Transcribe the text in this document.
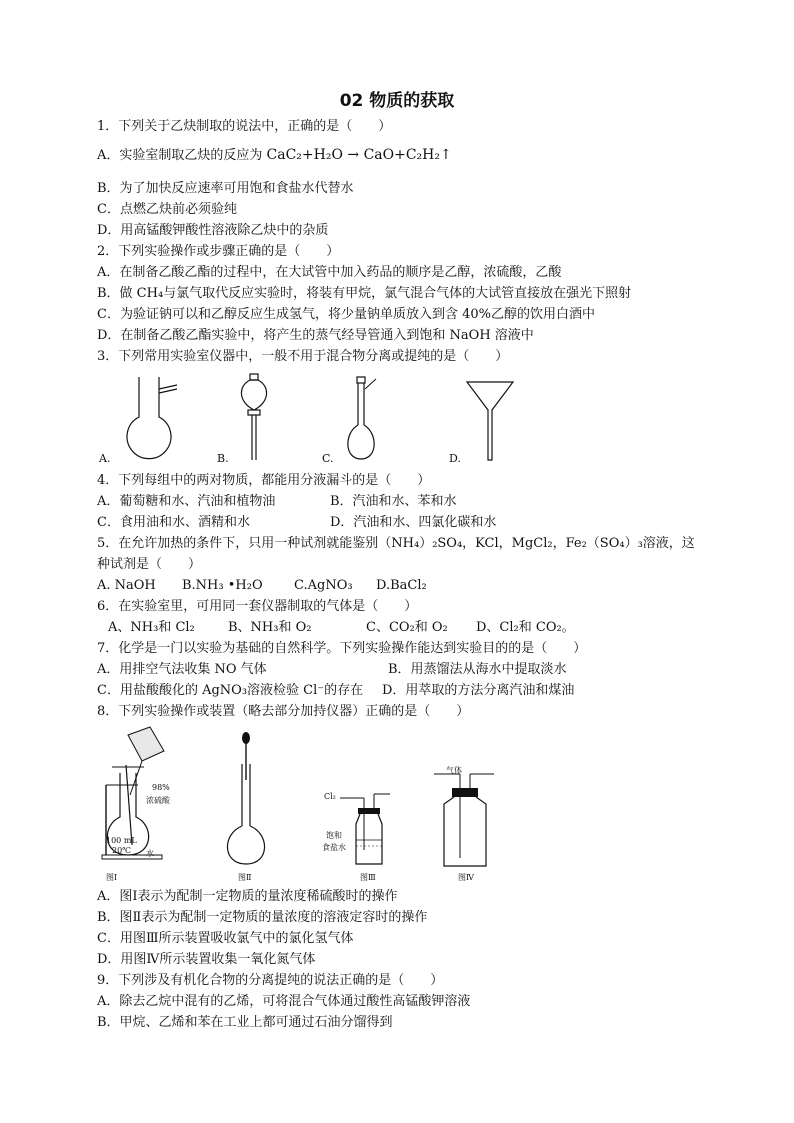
02 物质的获取
1．下列关于乙炔制取的说法中，正确的是（　　）
A．实验室制取乙炔的反应为 CaC₂+H₂O → CaO+C₂H₂↑
B．为了加快反应速率可用饱和食盐水代替水
C．点燃乙炔前必须验纯
D．用高锰酸钾酸性溶液除乙炔中的杂质
2．下列实验操作或步骤正确的是（　　）
A．在制备乙酸乙酯的过程中，在大试管中加入药品的顺序是乙醇，浓硫酸，乙酸
B．做 CH₄与氯气取代反应实验时，将装有甲烷，氯气混合气体的大试管直接放在强光下照射
C．为验证钠可以和乙醇反应生成氢气，将少量钠单质放入到含 40%乙醇的饮用白酒中
D．在制备乙酸乙酯实验中，将产生的蒸气经导管通入到饱和 NaOH 溶液中
3．下列常用实验室仪器中，一般不用于混合物分离或提纯的是（　　）
A.	B.	C.	D.
4．下列每组中的两对物质，都能用分液漏斗的是（　　）
A．葡萄糖和水、汽油和植物油	B．汽油和水、苯和水
C．食用油和水、酒精和水	D．汽油和水、四氯化碳和水
5．在允许加热的条件下，只用一种试剂就能鉴别（NH₄）₂SO₄，KCl，MgCl₂，Fe₂（SO₄）₃溶液，这
种试剂是（　　）
A. NaOH B.NH₃ •H₂O C.AgNO₃ D.BaCl₂
6．在实验室里，可用同一套仪器制取的气体是（　　）
A、NH₃和 Cl₂	B、NH₃和 O₂	C、CO₂和 O₂ D、Cl₂和 CO₂。
7．化学是一门以实验为基础的自然科学。下列实验操作能达到实验目的的是（　　）
A．用排空气法收集 NO 气体	B．用蒸馏法从海水中提取淡水
C．用盐酸酸化的 AgNO₃溶液检验 Cl⁻的存在 D．用萃取的方法分离汽油和煤油
8．下列实验操作或装置（略去部分加持仪器）正确的是（　　）
98%
浓硫酸
100 mL
20℃ 水
图Ⅰ	图Ⅱ
Cl₂
饱和
食盐水
图Ⅲ
气体
图Ⅳ
A．图Ⅰ表示为配制一定物质的量浓度稀硫酸时的操作
B．图Ⅱ表示为配制一定物质的量浓度的溶液定容时的操作
C．用图Ⅲ所示装置吸收氯气中的氯化氢气体
D．用图Ⅳ所示装置收集一氧化氮气体
9．下列涉及有机化合物的分离提纯的说法正确的是（　　）
A．除去乙烷中混有的乙烯，可将混合气体通过酸性高锰酸钾溶液
B．甲烷、乙烯和苯在工业上都可通过石油分馏得到
